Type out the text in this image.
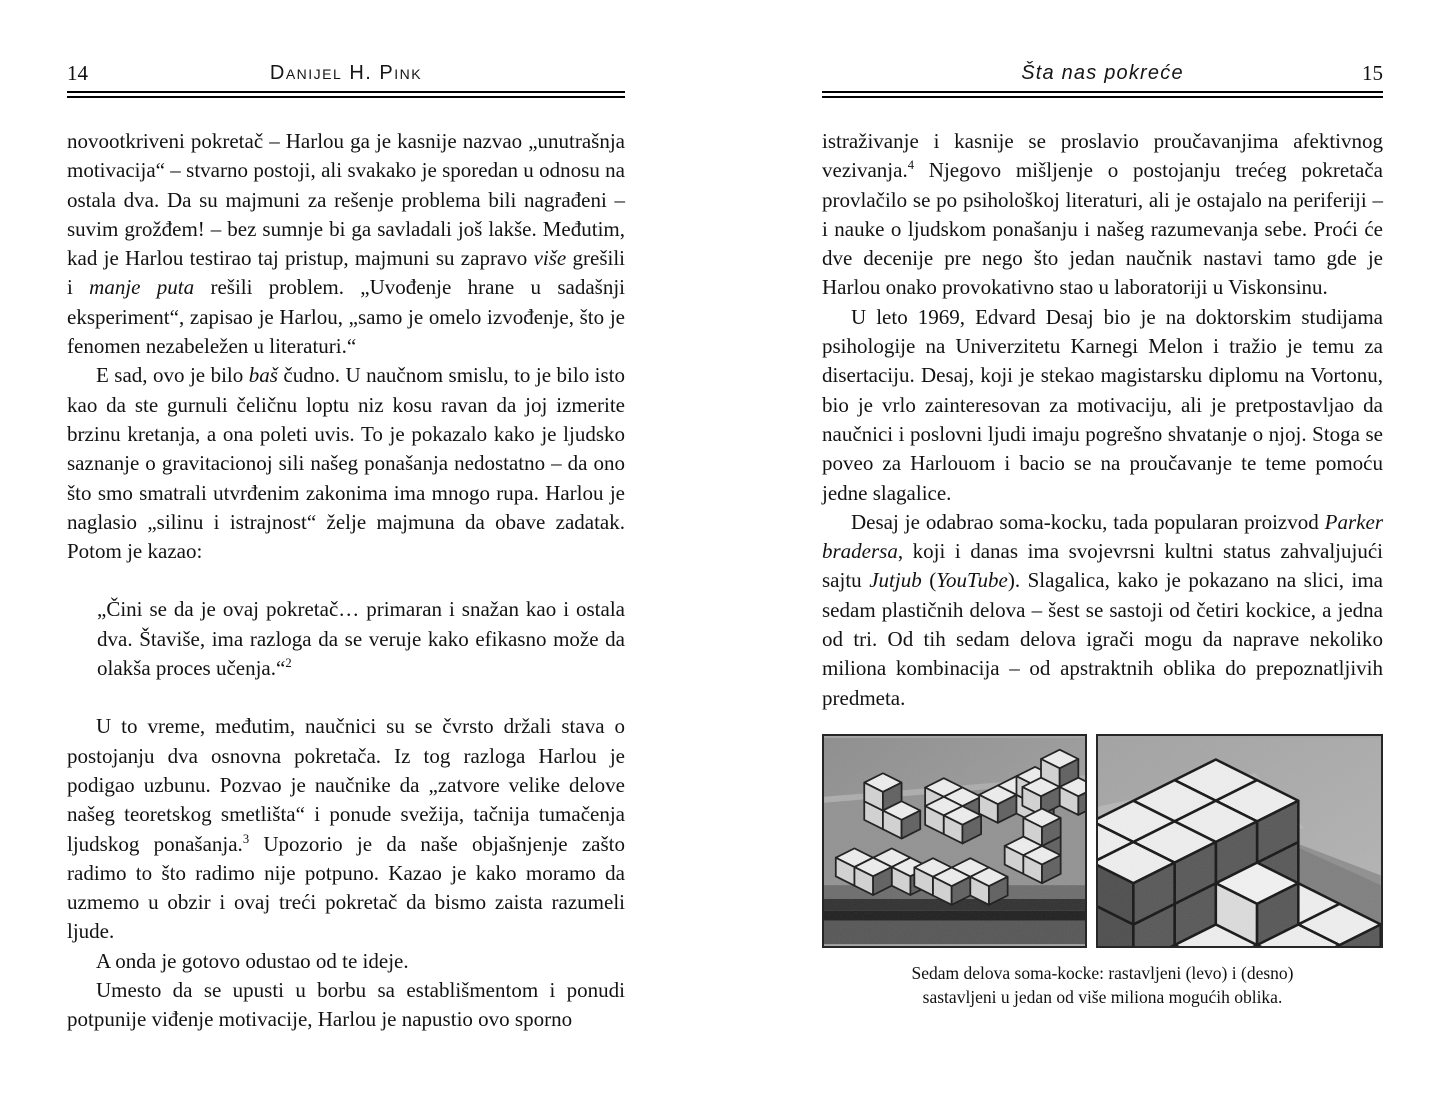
14	Danijel H. Pink

novootkriveni pokretač – Harlou ga je kasnije nazvao „unutrašnja motivacija“ – stvarno postoji, ali svakako je sporedan u odnosu na ostala dva. Da su majmuni za rešenje problema bili nagrađeni – suvim grožđem! – bez sumnje bi ga savladali još lakše. Međutim, kad je Harlou testirao taj pristup, majmuni su zapravo više grešili i manje puta rešili problem. „Uvođenje hrane u sadašnji eksperiment“, zapisao je Harlou, „samo je omelo izvođenje, što je fenomen nezabeležen u literaturi.“

E sad, ovo je bilo baš čudno. U naučnom smislu, to je bilo isto kao da ste gurnuli čeličnu loptu niz kosu ravan da joj izmerite brzinu kretanja, a ona poleti uvis. To je pokazalo kako je ljudsko saznanje o gravitacionoj sili našeg ponašanja nedostatno – da ono što smo smatrali utvrđenim zakonima ima mnogo rupa. Harlou je naglasio „silinu i istrajnost“ želje majmuna da obave zadatak. Potom je kazao:

„Čini se da je ovaj pokretač… primaran i snažan kao i ostala dva. Štaviše, ima razloga da se veruje kako efikasno može da olakša proces učenja.“$^2$

U to vreme, međutim, naučnici su se čvrsto držali stava o postojanju dva osnovna pokretača. Iz tog razloga Harlou je podigao uzbunu. Pozvao je naučnike da „zatvore velike delove našeg teoretskog smetlišta“ i ponude svežija, tačnija tumačenja ljudskog ponašanja.$^3$ Upozorio je da naše objašnjenje zašto radimo to što radimo nije potpuno. Kazao je kako moramo da uzmemo u obzir i ovaj treći pokretač da bismo zaista razumeli ljude.

A onda je gotovo odustao od te ideje.

Umesto da se upusti u borbu sa establišmentom i ponudi potpunije viđenje motivacije, Harlou je napustio ovo sporno

Šta nas pokreće	15

istraživanje i kasnije se proslavio proučavanjima afektivnog vezivanja.$^4$ Njegovo mišljenje o postojanju trećeg pokretača provlačilo se po psihološkoj literaturi, ali je ostajalo na periferiji – i nauke o ljudskom ponašanju i našeg razumevanja sebe. Proći će dve decenije pre nego što jedan naučnik nastavi tamo gde je Harlou onako provokativno stao u laboratoriji u Viskonsinu.

U leto 1969, Edvard Desaj bio je na doktorskim studijama psihologije na Univerzitetu Karnegi Melon i tražio je temu za disertaciju. Desaj, koji je stekao magistarsku diplomu na Vortonu, bio je vrlo zainteresovan za motivaciju, ali je pretpostavljao da naučnici i poslovni ljudi imaju pogrešno shvatanje o njoj. Stoga se poveo za Harlouom i bacio se na proučavanje te teme pomoću jedne slagalice.

Desaj je odabrao soma-kocku, tada popularan proizvod Parker bradersa, koji i danas ima svojevrsni kultni status zahvaljujući sajtu Jutjub (YouTube). Slagalica, kako je pokazano na slici, ima sedam plastičnih delova – šest se sastoji od četiri kockice, a jedna od tri. Od tih sedam delova igrači mogu da naprave nekoliko miliona kombinacija – od apstraktnih oblika do prepoznatljivih predmeta.

Sedam delova soma-kocke: rastavljeni (levo) i (desno)
sastavljeni u jedan od više miliona mogućih oblika.
